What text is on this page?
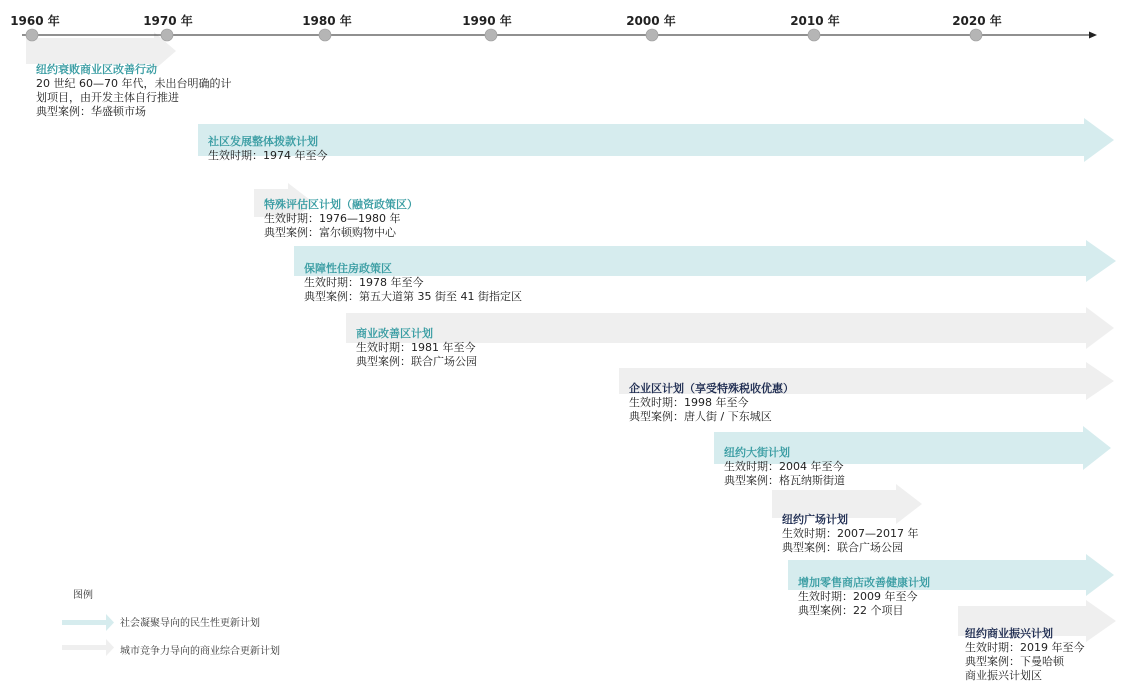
1960 年	1970 年	1980 年	1990 年	2000 年	2010 年	2020 年
纽约衰败商业区改善行动
20 世纪 60—70 年代，未出台明确的计
划项目，由开发主体自行推进
典型案例：华盛顿市场
社区发展整体拨款计划
生效时期：1974 年至今
特殊评估区计划（融资政策区）
生效时期：1976—1980 年
典型案例：富尔顿购物中心
保障性住房政策区
生效时期：1978 年至今
典型案例：第五大道第 35 街至 41 街指定区
商业改善区计划
生效时期：1981 年至今
典型案例：联合广场公园
企业区计划（享受特殊税收优惠）
生效时期：1998 年至今
典型案例：唐人街 / 下东城区
纽约大街计划
生效时期：2004 年至今
典型案例：格瓦纳斯街道
纽约广场计划
生效时期：2007—2017 年
典型案例：联合广场公园
增加零售商店改善健康计划
生效时期：2009 年至今
典型案例：22 个项目
纽约商业振兴计划
生效时期：2019 年至今
典型案例：下曼哈顿
商业振兴计划区
图例
社会凝聚导向的民生性更新计划
城市竞争力导向的商业综合更新计划
